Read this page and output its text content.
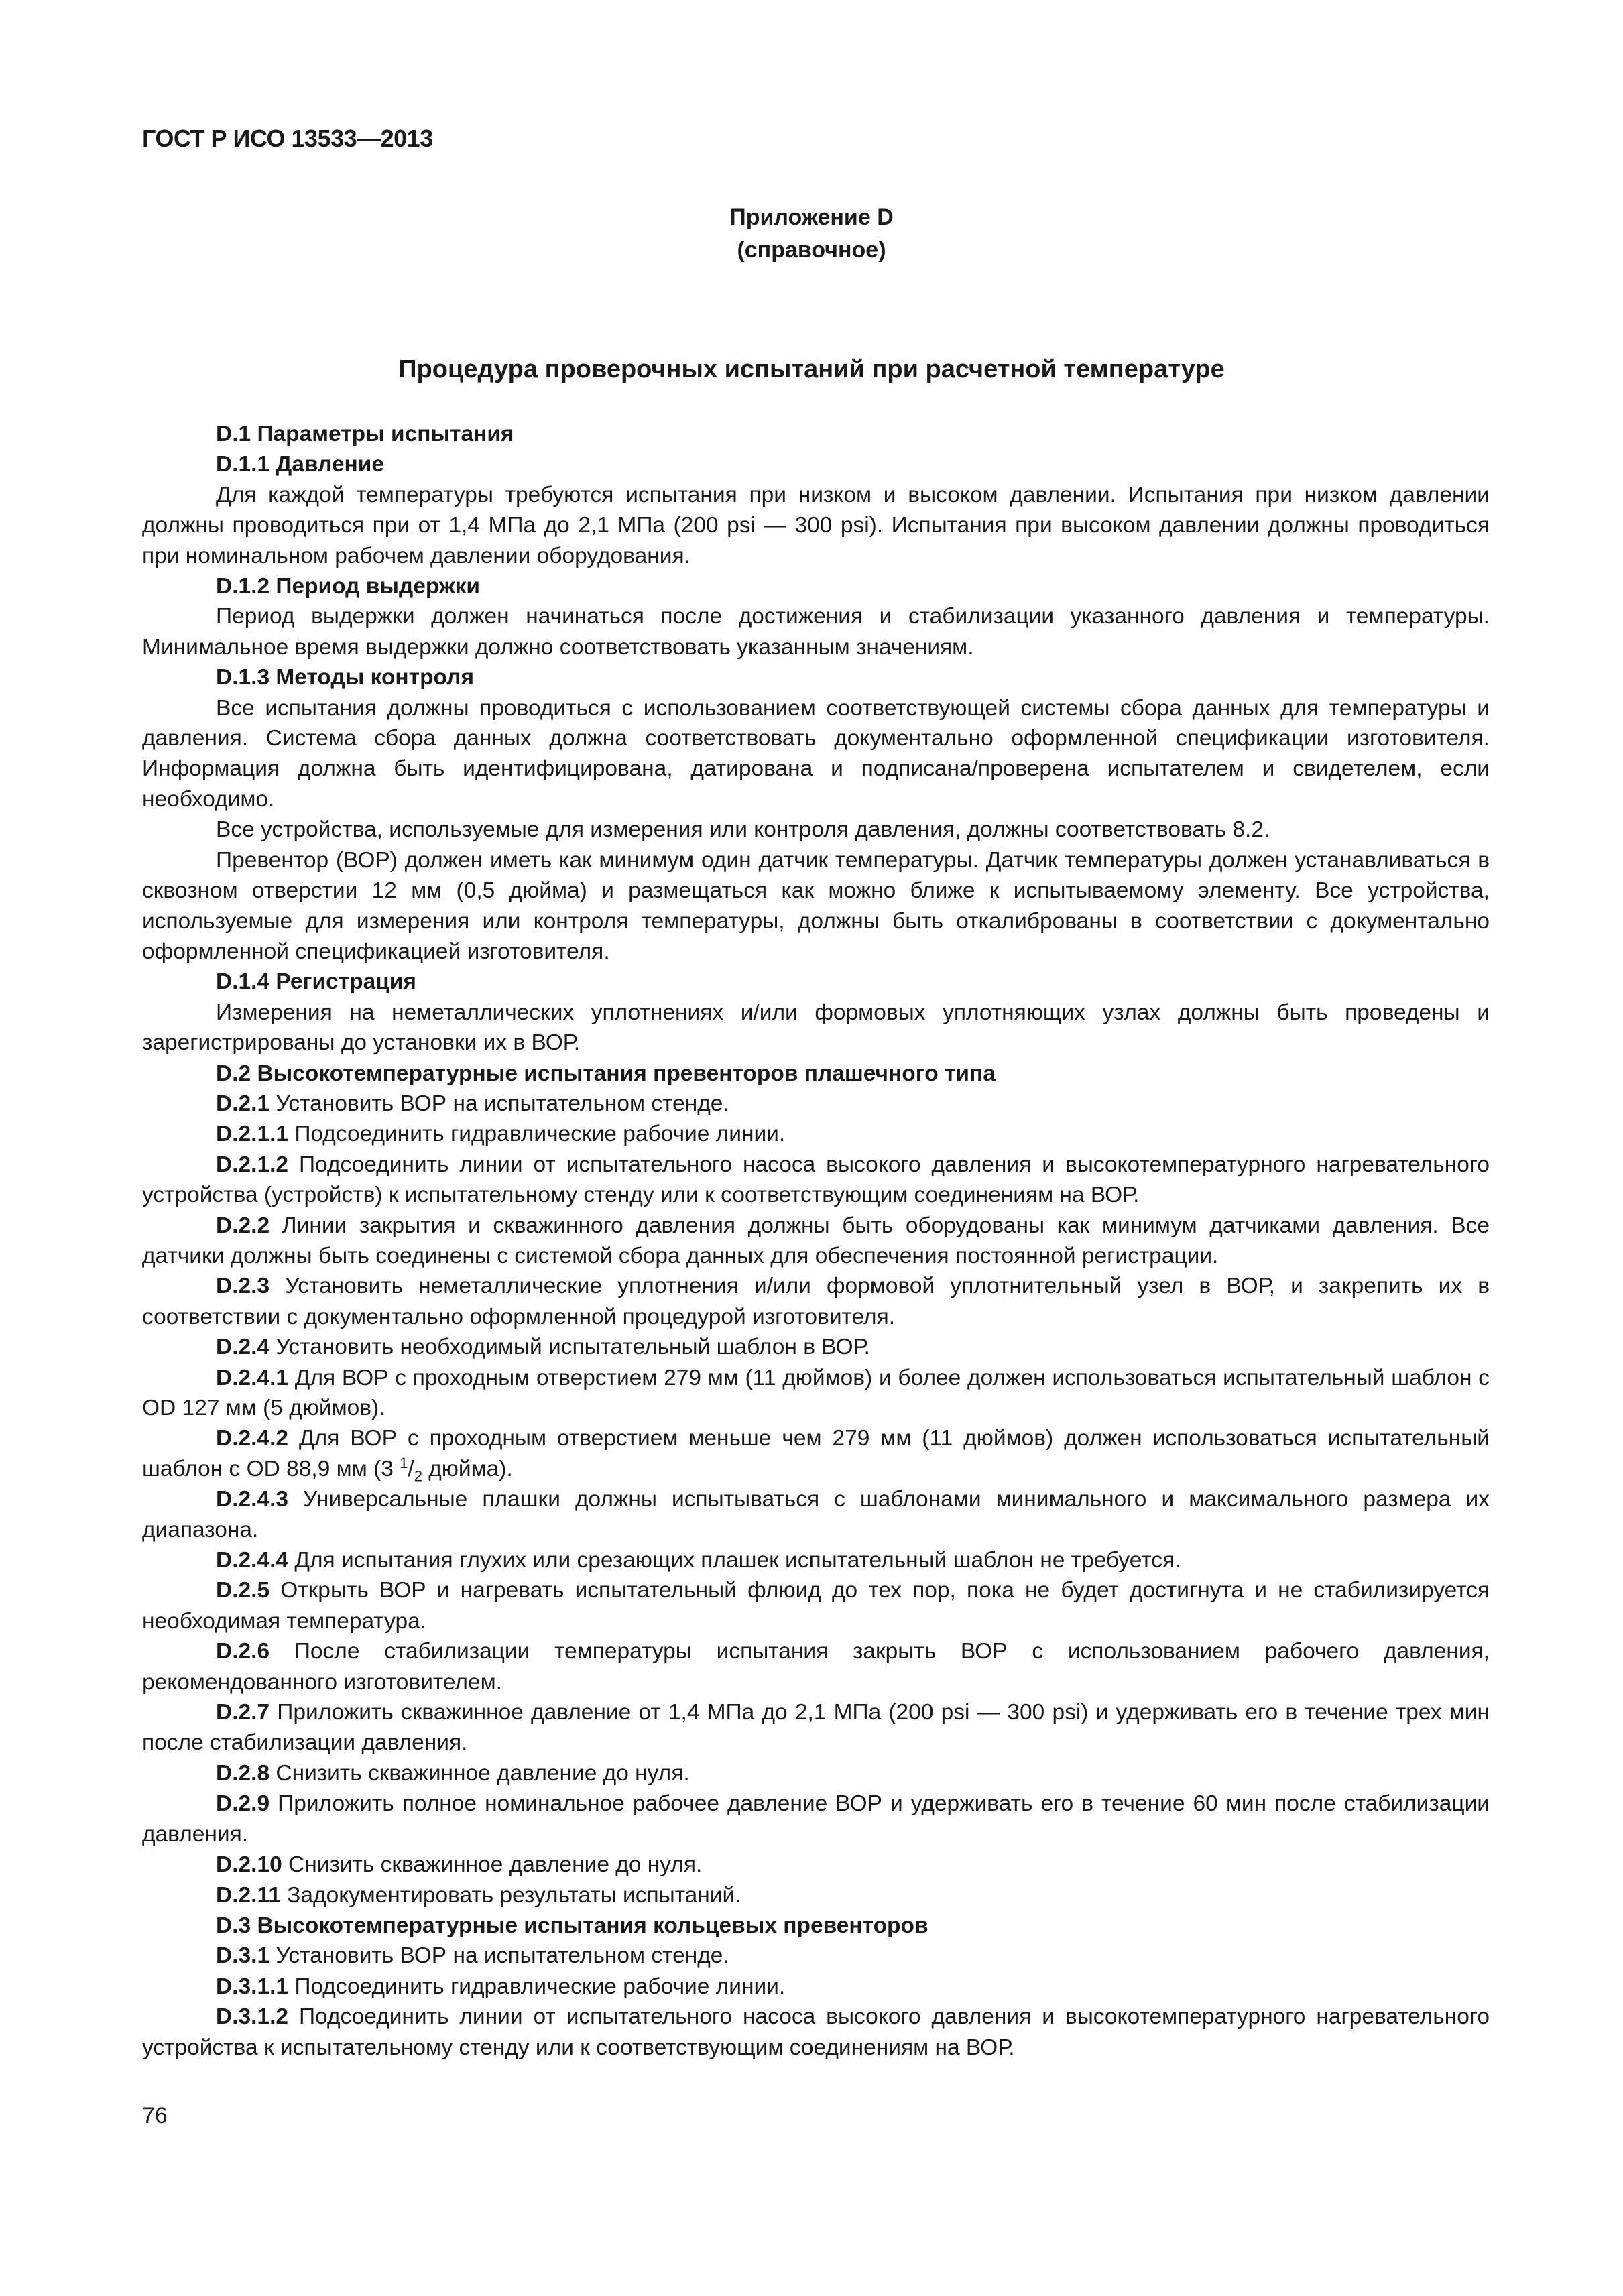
ГОСТ Р ИСО 13533—2013
Приложение D
(справочное)
Процедура проверочных испытаний при расчетной температуре
D.1 Параметры испытания
D.1.1 Давление
Для каждой температуры требуются испытания при низком и высоком давлении. Испытания при низком давлении должны проводиться при от 1,4 МПа до 2,1 МПа (200 psi — 300 psi). Испытания при высоком давлении должны проводиться при номинальном рабочем давлении оборудования.
D.1.2 Период выдержки
Период выдержки должен начинаться после достижения и стабилизации указанного давления и температуры. Минимальное время выдержки должно соответствовать указанным значениям.
D.1.3 Методы контроля
Все испытания должны проводиться с использованием соответствующей системы сбора данных для температуры и давления. Система сбора данных должна соответствовать документально оформленной спецификации изготовителя. Информация должна быть идентифицирована, датирована и подписана/проверена испытателем и свидетелем, если необходимо.
Все устройства, используемые для измерения или контроля давления, должны соответствовать 8.2.
Превентор (ВОР) должен иметь как минимум один датчик температуры. Датчик температуры должен устанавливаться в сквозном отверстии 12 мм (0,5 дюйма) и размещаться как можно ближе к испытываемому элементу. Все устройства, используемые для измерения или контроля температуры, должны быть откалиброваны в соответствии с документально оформленной спецификацией изготовителя.
D.1.4 Регистрация
Измерения на неметаллических уплотнениях и/или формовых уплотняющих узлах должны быть проведены и зарегистрированы до установки их в ВОР.
D.2 Высокотемпературные испытания превенторов плашечного типа
D.2.1 Установить ВОР на испытательном стенде.
D.2.1.1 Подсоединить гидравлические рабочие линии.
D.2.1.2 Подсоединить линии от испытательного насоса высокого давления и высокотемпературного нагревательного устройства (устройств) к испытательному стенду или к соответствующим соединениям на ВОР.
D.2.2 Линии закрытия и скважинного давления должны быть оборудованы как минимум датчиками давления. Все датчики должны быть соединены с системой сбора данных для обеспечения постоянной регистрации.
D.2.3 Установить неметаллические уплотнения и/или формовой уплотнительный узел в ВОР, и закрепить их в соответствии с документально оформленной процедурой изготовителя.
D.2.4 Установить необходимый испытательный шаблон в ВОР.
D.2.4.1 Для ВОР с проходным отверстием 279 мм (11 дюймов) и более должен использоваться испытательный шаблон с OD 127 мм (5 дюймов).
D.2.4.2 Для ВОР с проходным отверстием меньше чем 279 мм (11 дюймов) должен использоваться испытательный шаблон с OD 88,9 мм (3 $^1/_2$ дюйма).
D.2.4.3 Универсальные плашки должны испытываться с шаблонами минимального и максимального размера их диапазона.
D.2.4.4 Для испытания глухих или срезающих плашек испытательный шаблон не требуется.
D.2.5 Открыть ВОР и нагревать испытательный флюид до тех пор, пока не будет достигнута и не стабилизируется необходимая температура.
D.2.6 После стабилизации температуры испытания закрыть ВОР с использованием рабочего давления, рекомендованного изготовителем.
D.2.7 Приложить скважинное давление от 1,4 МПа до 2,1 МПа (200 psi — 300 psi) и удерживать его в течение трех мин после стабилизации давления.
D.2.8 Снизить скважинное давление до нуля.
D.2.9 Приложить полное номинальное рабочее давление ВОР и удерживать его в течение 60 мин после стабилизации давления.
D.2.10 Снизить скважинное давление до нуля.
D.2.11 Задокументировать результаты испытаний.
D.3 Высокотемпературные испытания кольцевых превенторов
D.3.1 Установить ВОР на испытательном стенде.
D.3.1.1 Подсоединить гидравлические рабочие линии.
D.3.1.2 Подсоединить линии от испытательного насоса высокого давления и высокотемпературного нагревательного устройства к испытательному стенду или к соответствующим соединениям на ВОР.
76
